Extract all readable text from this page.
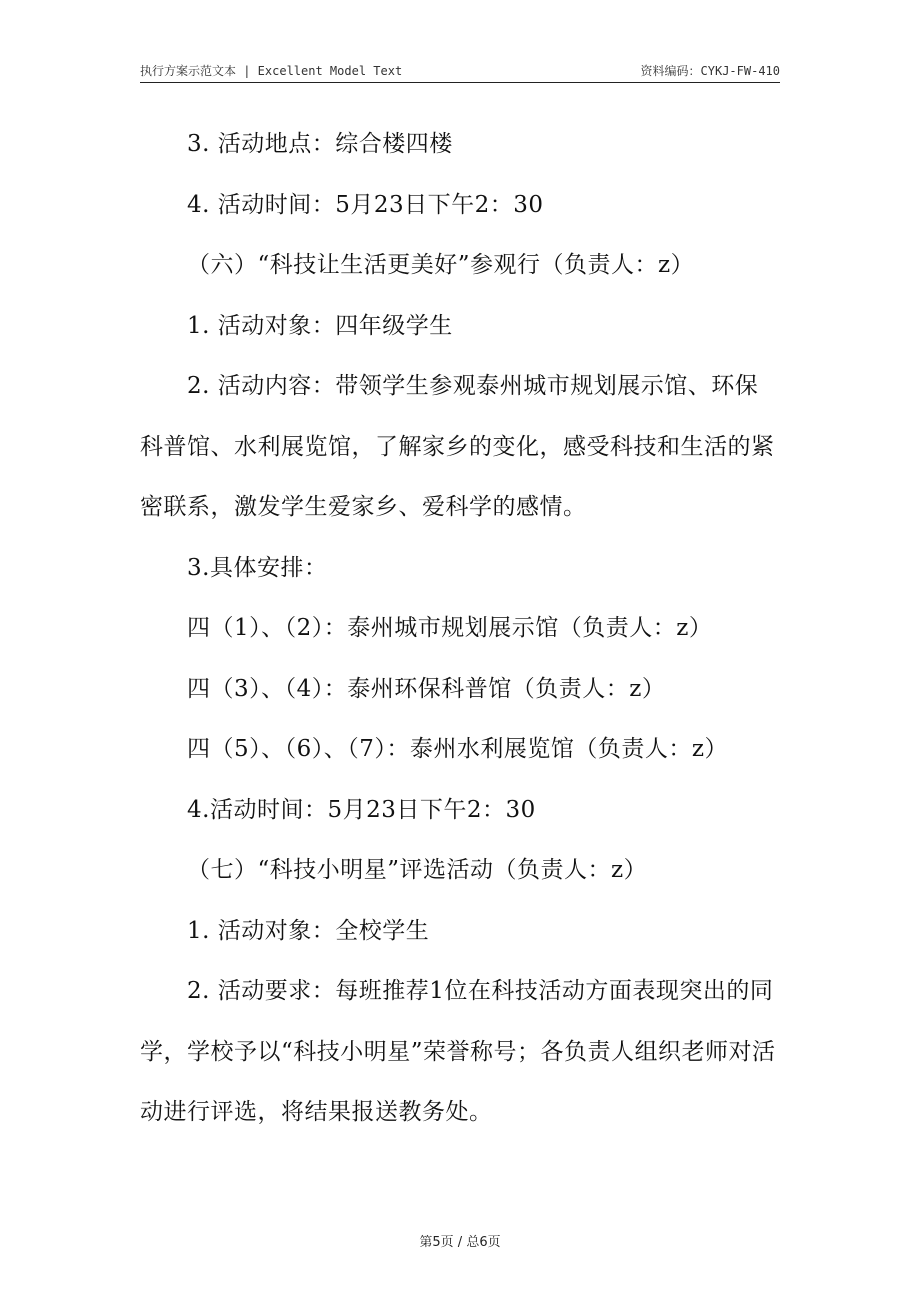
执行方案示范文本 | Excellent Model Text	资料编码：CYKJ-FW-410

3. 活动地点：综合楼四楼

4. 活动时间：5月23日下午2：30

（六）“科技让生活更美好”参观行（负责人：z）

1. 活动对象：四年级学生

2. 活动内容：带领学生参观泰州城市规划展示馆、环保科普馆、水利展览馆，了解家乡的变化，感受科技和生活的紧密联系，激发学生爱家乡、爱科学的感情。

3.具体安排：

四（1）、（2）：泰州城市规划展示馆（负责人：z）

四（3）、（4）：泰州环保科普馆（负责人：z）

四（5）、（6）、（7）：泰州水利展览馆（负责人：z）

4.活动时间：5月23日下午2：30

（七）“科技小明星”评选活动（负责人：z）

1. 活动对象：全校学生

2. 活动要求：每班推荐1位在科技活动方面表现突出的同学，学校予以“科技小明星”荣誉称号；各负责人组织老师对活动进行评选，将结果报送教务处。

第5页 / 总6页
